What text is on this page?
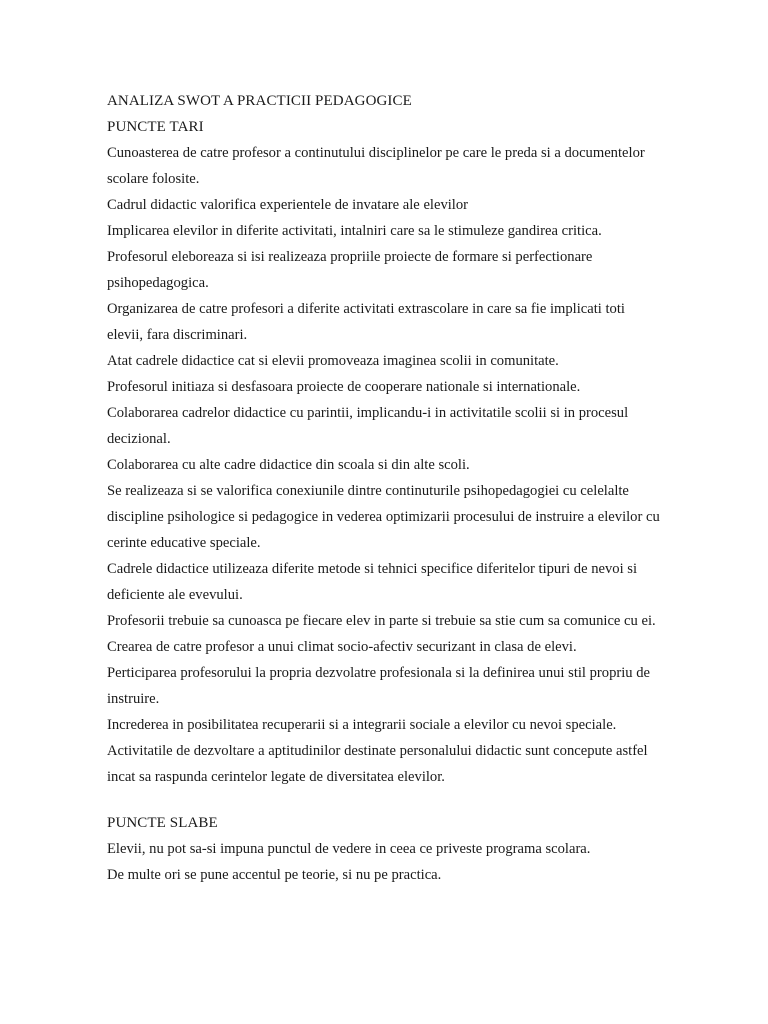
ANALIZA SWOT A PRACTICII PEDAGOGICE
PUNCTE TARI
Cunoasterea de catre profesor a continutului disciplinelor pe care le preda si a documentelor
scolare folosite.
Cadrul didactic valorifica experientele de invatare ale elevilor
Implicarea elevilor in diferite activitati, intalniri care sa le stimuleze gandirea critica.
Profesorul eleboreaza si isi realizeaza propriile proiecte de formare si perfectionare
psihopedagogica.
Organizarea de catre profesori a diferite activitati extrascolare in care sa fie implicati toti
elevii, fara discriminari.
Atat cadrele didactice cat si elevii promoveaza imaginea scolii in comunitate.
Profesorul initiaza si desfasoara proiecte de cooperare nationale si internationale.
Colaborarea cadrelor didactice cu parintii, implicandu-i in activitatile scolii si in procesul
decizional.
Colaborarea cu alte cadre didactice din scoala si din alte scoli.
Se realizeaza si se valorifica conexiunile dintre continuturile psihopedagogiei cu celelalte
discipline psihologice si pedagogice in vederea optimizarii procesului de instruire a elevilor cu
cerinte educative speciale.
Cadrele didactice utilizeaza diferite metode si tehnici specifice diferitelor tipuri de nevoi si
deficiente ale evevului.
Profesorii trebuie sa cunoasca pe fiecare elev in parte si trebuie sa stie cum sa comunice cu ei.
Crearea de catre profesor a unui climat socio-afectiv securizant in clasa de elevi.
Perticiparea profesorului la propria dezvolatre profesionala si la definirea unui stil propriu de
instruire.
Increderea in posibilitatea recuperarii si a integrarii sociale a elevilor cu nevoi speciale.
Activitatile de dezvoltare a aptitudinilor destinate personalului didactic sunt concepute astfel
incat sa raspunda cerintelor legate de diversitatea elevilor.
PUNCTE SLABE
Elevii, nu pot sa-si impuna punctul de vedere in ceea ce priveste programa scolara.
De multe ori se pune accentul pe teorie, si nu pe practica.
